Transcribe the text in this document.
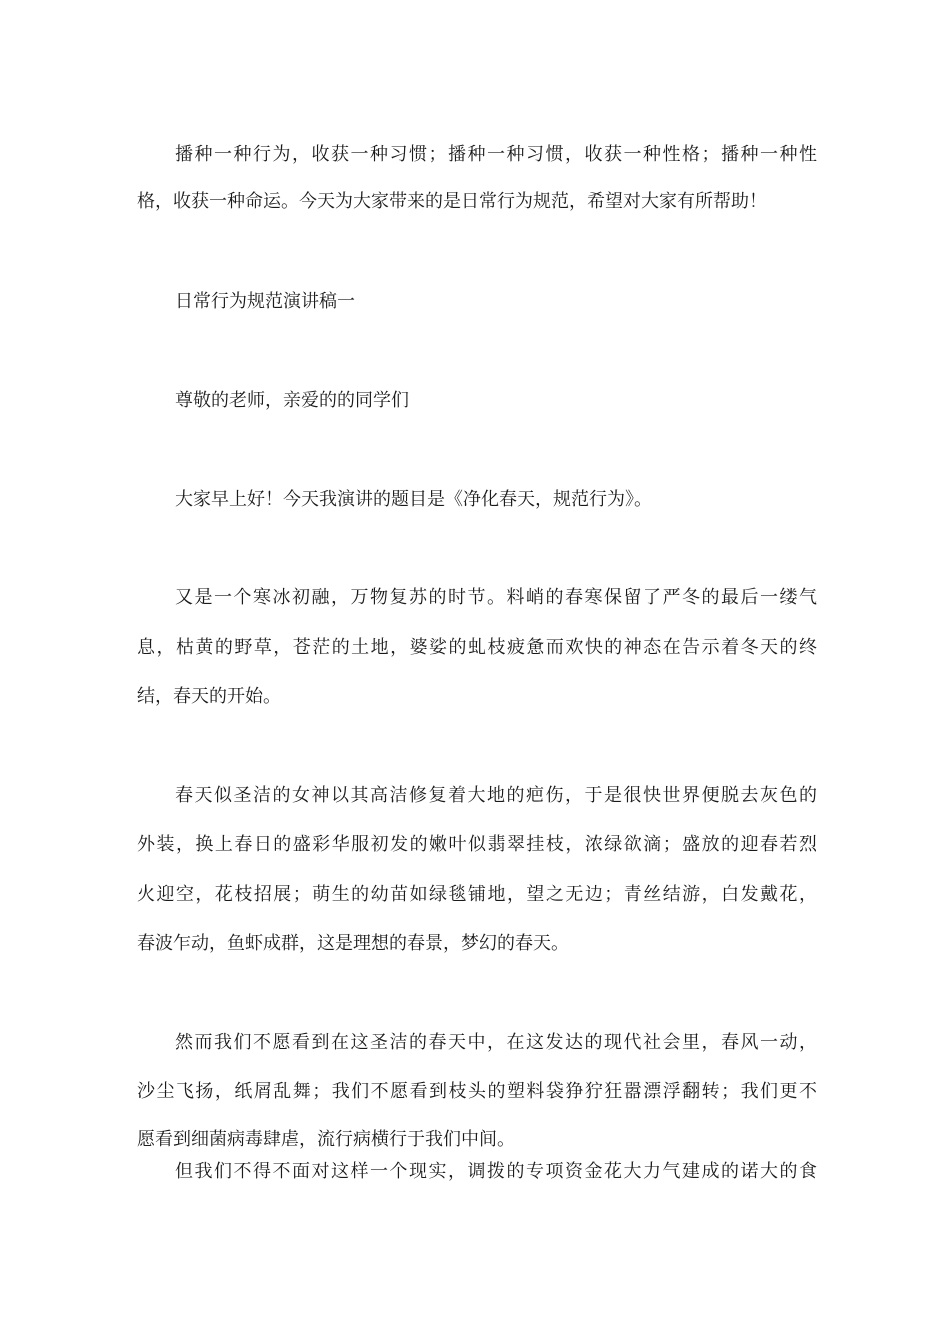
播种一种行为，收获一种习惯；播种一种习惯，收获一种性格；播种一种性

格，收获一种命运。今天为大家带来的是日常行为规范，希望对大家有所帮助！

日常行为规范演讲稿一

尊敬的老师，亲爱的的同学们

大家早上好！今天我演讲的题目是《净化春天，规范行为》。

又是一个寒冰初融，万物复苏的时节。料峭的春寒保留了严冬的最后一缕气

息，枯黄的野草，苍茫的土地，婆娑的虬枝疲惫而欢快的神态在告示着冬天的终

结，春天的开始。

春天似圣洁的女神以其高洁修复着大地的疤伤，于是很快世界便脱去灰色的

外装，换上春日的盛彩华服初发的嫩叶似翡翠挂枝，浓绿欲滴；盛放的迎春若烈

火迎空，花枝招展；萌生的幼苗如绿毯铺地，望之无边；青丝结游，白发戴花，

春波乍动，鱼虾成群，这是理想的春景，梦幻的春天。

然而我们不愿看到在这圣洁的春天中，在这发达的现代社会里，春风一动，

沙尘飞扬，纸屑乱舞；我们不愿看到枝头的塑料袋狰狞狂嚣漂浮翻转；我们更不

愿看到细菌病毒肆虐，流行病横行于我们中间。

但我们不得不面对这样一个现实，调拨的专项资金花大力气建成的诺大的食
